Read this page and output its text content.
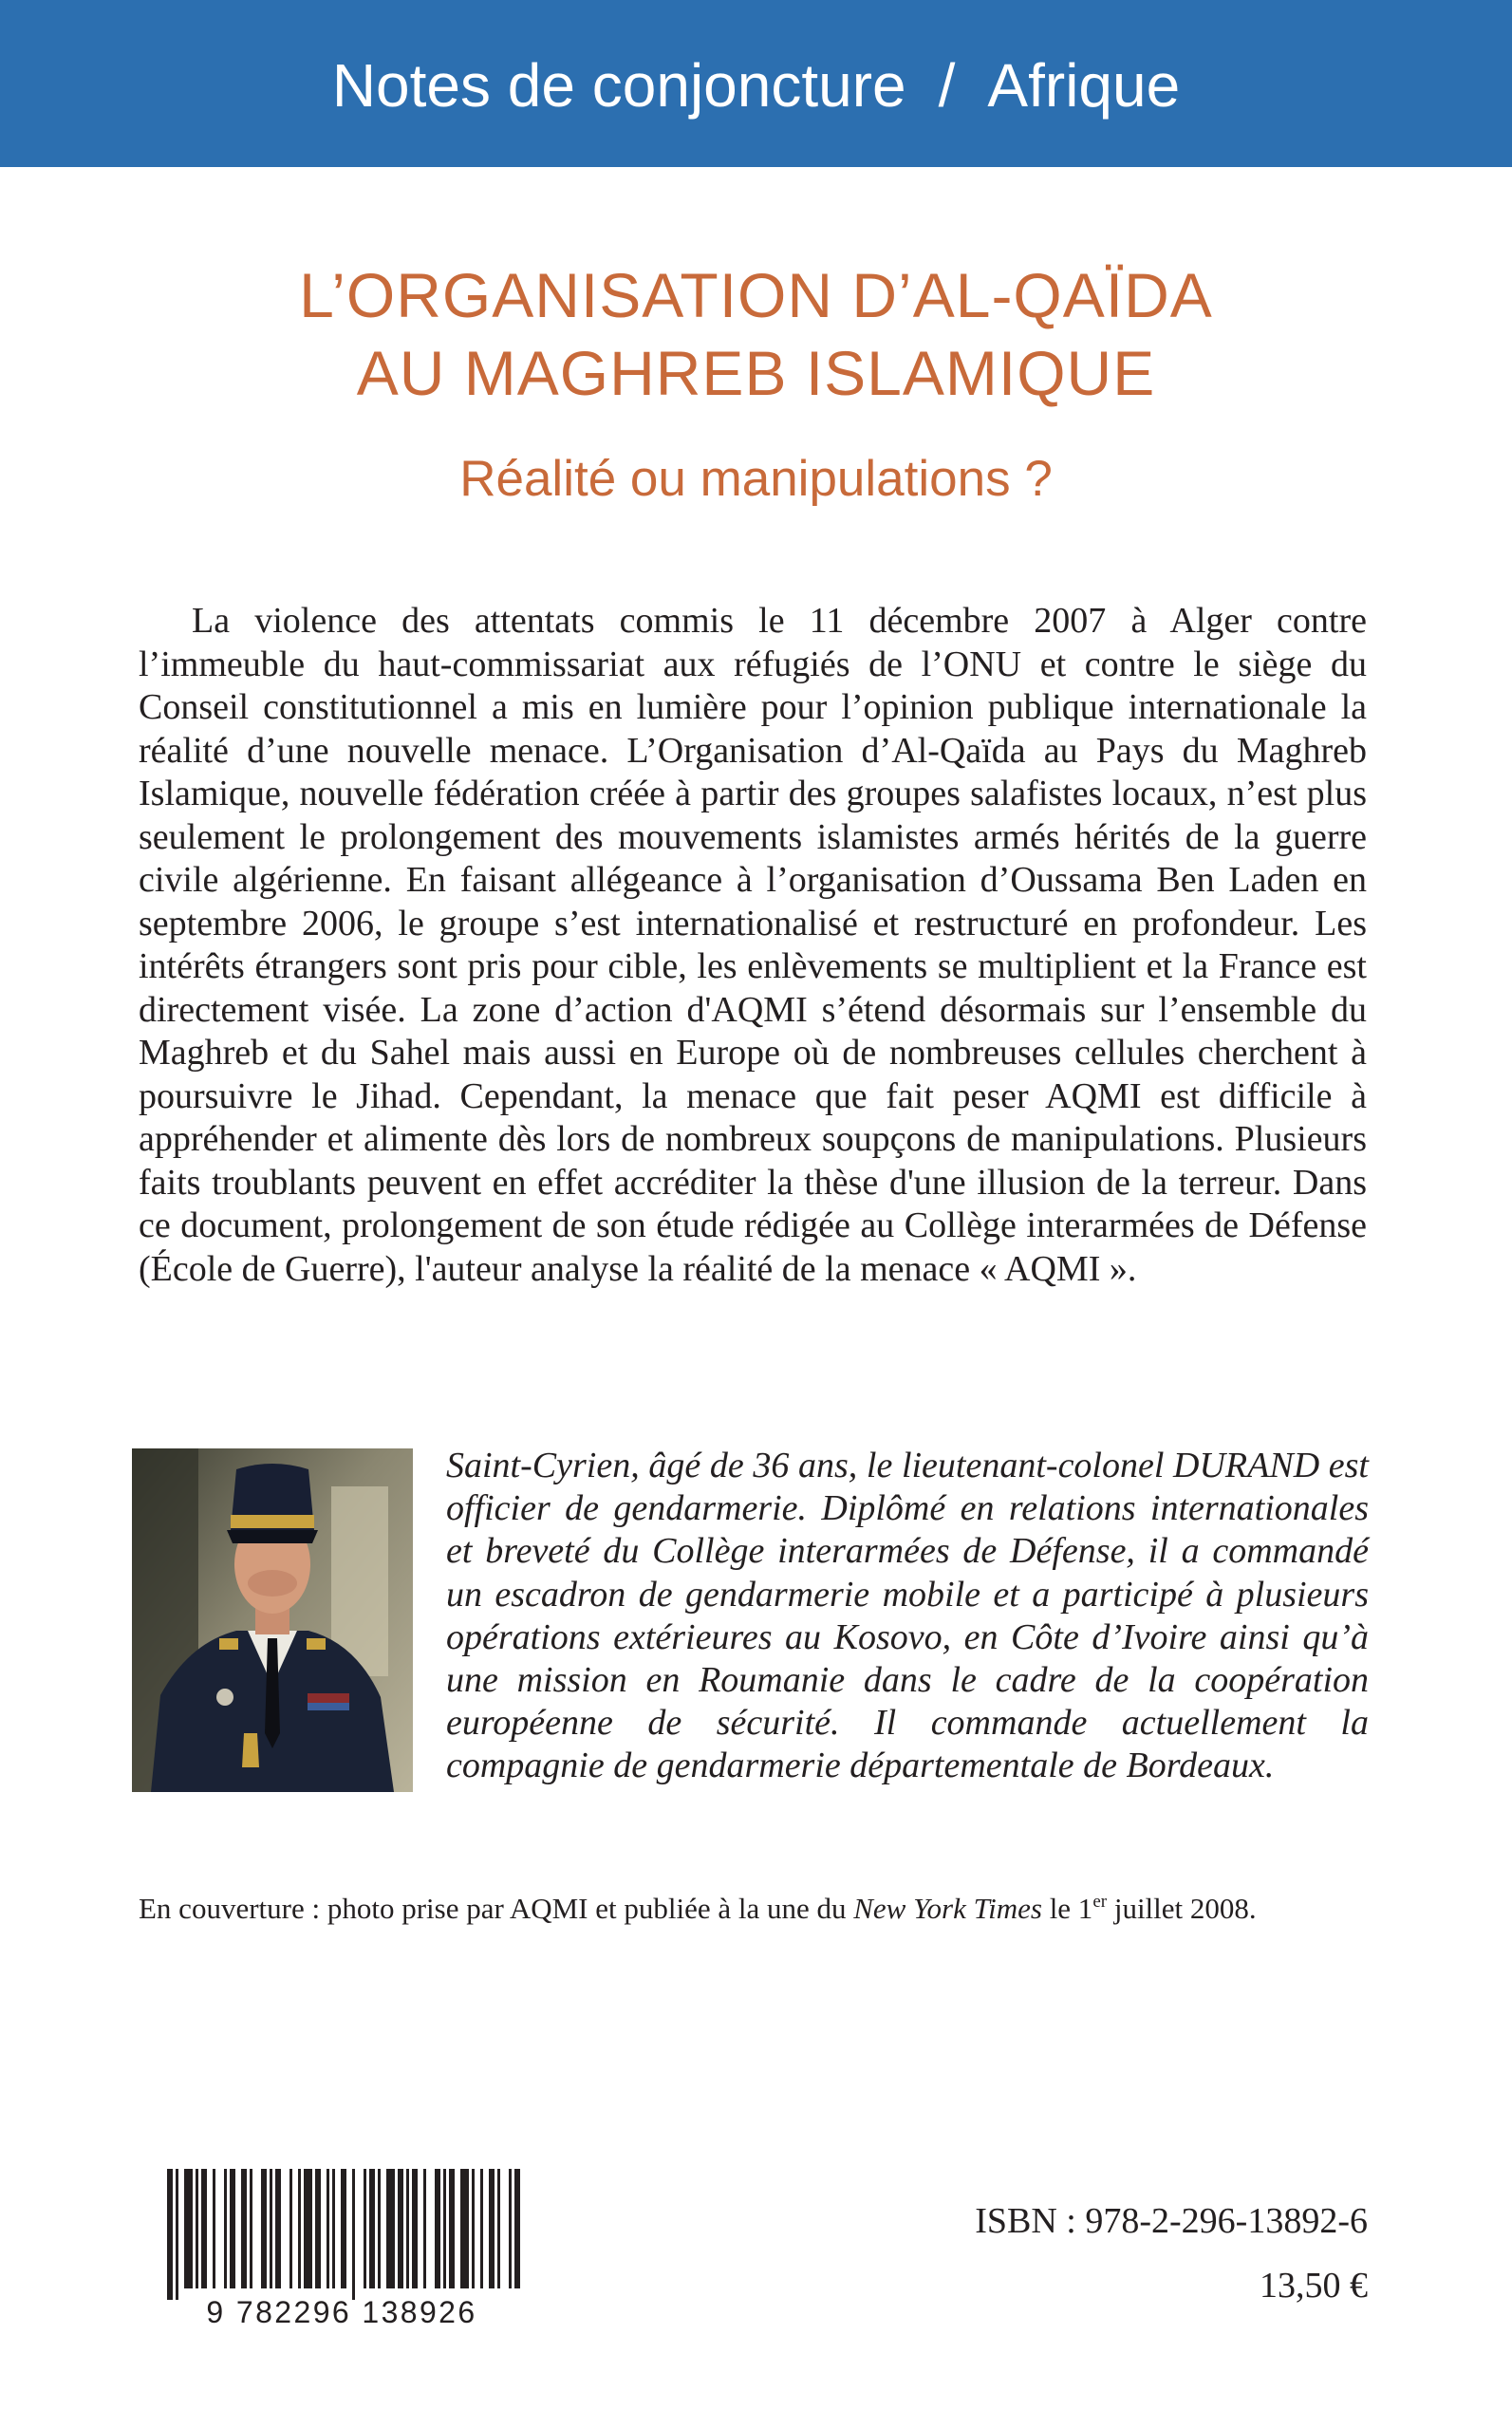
Notes de conjoncture / Afrique
L’ORGANISATION D’AL-QAÏDA
AU MAGHREB ISLAMIQUE
Réalité ou manipulations ?

La violence des attentats commis le 11 décembre 2007 à Alger contre l’immeuble du haut-commissariat aux réfugiés de l’ONU et contre le siège du Conseil constitutionnel a mis en lumière pour l’opinion publique internationale la réalité d’une nouvelle menace. L’Organisation d’Al-Qaïda au Pays du Maghreb Islamique, nouvelle fédération créée à partir des groupes salafistes locaux, n’est plus seulement le prolongement des mouvements islamistes armés hérités de la guerre civile algérienne. En faisant allégeance à l’organisation d’Oussama Ben Laden en septembre 2006, le groupe s’est internationalisé et restructuré en profondeur. Les intérêts étrangers sont pris pour cible, les enlèvements se multiplient et la France est directement visée. La zone d’action d'AQMI s’étend désormais sur l’ensemble du Maghreb et du Sahel mais aussi en Europe où de nombreuses cellules cherchent à poursuivre le Jihad. Cependant, la menace que fait peser AQMI est difficile à appréhender et alimente dès lors de nombreux soupçons de manipulations. Plusieurs faits troublants peuvent en effet accréditer la thèse d'une illusion de la terreur. Dans ce document, prolongement de son étude rédigée au Collège interarmées de Défense (École de Guerre), l'auteur analyse la réalité de la menace « AQMI ».

Saint-Cyrien, âgé de 36 ans, le lieutenant-colonel DURAND est officier de gendarmerie. Diplômé en relations internationales et breveté du Collège interarmées de Défense, il a commandé un escadron de gendarmerie mobile et a participé à plusieurs opérations extérieures au Kosovo, en Côte d’Ivoire ainsi qu’à une mission en Roumanie dans le cadre de la coopération européenne de sécurité. Il commande actuellement la compagnie de gendarmerie départementale de Bordeaux.

En couverture : photo prise par AQMI et publiée à la une du New York Times le 1er juillet 2008.
9 782296 138926
ISBN : 978-2-296-13892-6
13,50 €
